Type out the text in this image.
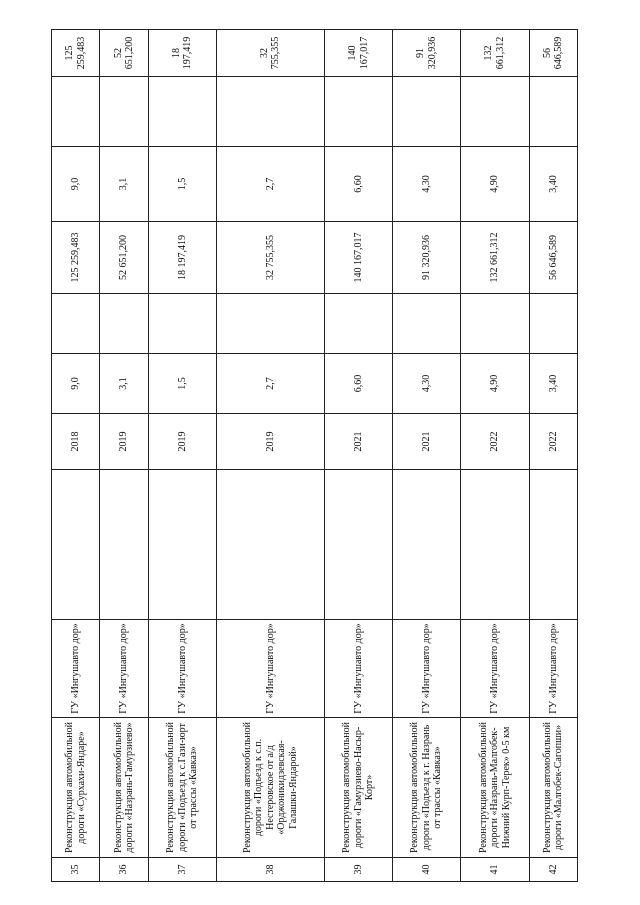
35	Реконструкция автомобильной дороги «Сурхахи-Яндаре»	ГУ «Ингушавто дор»		2018	9,0		125 259,483	9,0		125 259,483
36	Реконструкция автомобильной дороги «Назрань-Гамурзиево»	ГУ «Ингушавто дор»		2019	3,1		52 651,200	3,1		52 651,200
37	Реконструкция автомобильной дороги «Подъезд к с.Гази-юрт от трассы «Кавказ»	ГУ «Ингушавто дор»		2019	1,5		18 197,419	1,5		18 197,419
38	Реконструкция автомобильной дороги «Подъезд к с.п. Нестеровское от а/д «Орджоникидзевская-Галашки-Яндарой»	ГУ «Ингушавто дор»		2019	2,7		32 755,355	2,7		32 755,355
39	Реконструкция автомобильной дороги «Гамурзиево-Насыр-Корт»	ГУ «Ингушавто дор»		2021	6,60		140 167,017	6,60		140 167,017
40	Реконструкция автомобильной дороги «Подъезд к г. Назрань от трассы «Кавказ»	ГУ «Ингушавто дор»		2021	4,30		91 320,936	4,30		91 320,936
41	Реконструкция автомобильной дороги «Назрань-Малгобек-Нижний Курп-Терек» 0-5 км	ГУ «Ингушавто дор»		2022	4,90		132 661,312	4,90		132 661,312
42	Реконструкция автомобильной дороги «Малгобек-Сагопши»	ГУ «Ингушавто дор»		2022	3,40		56 646,589	3,40		56 646,589
